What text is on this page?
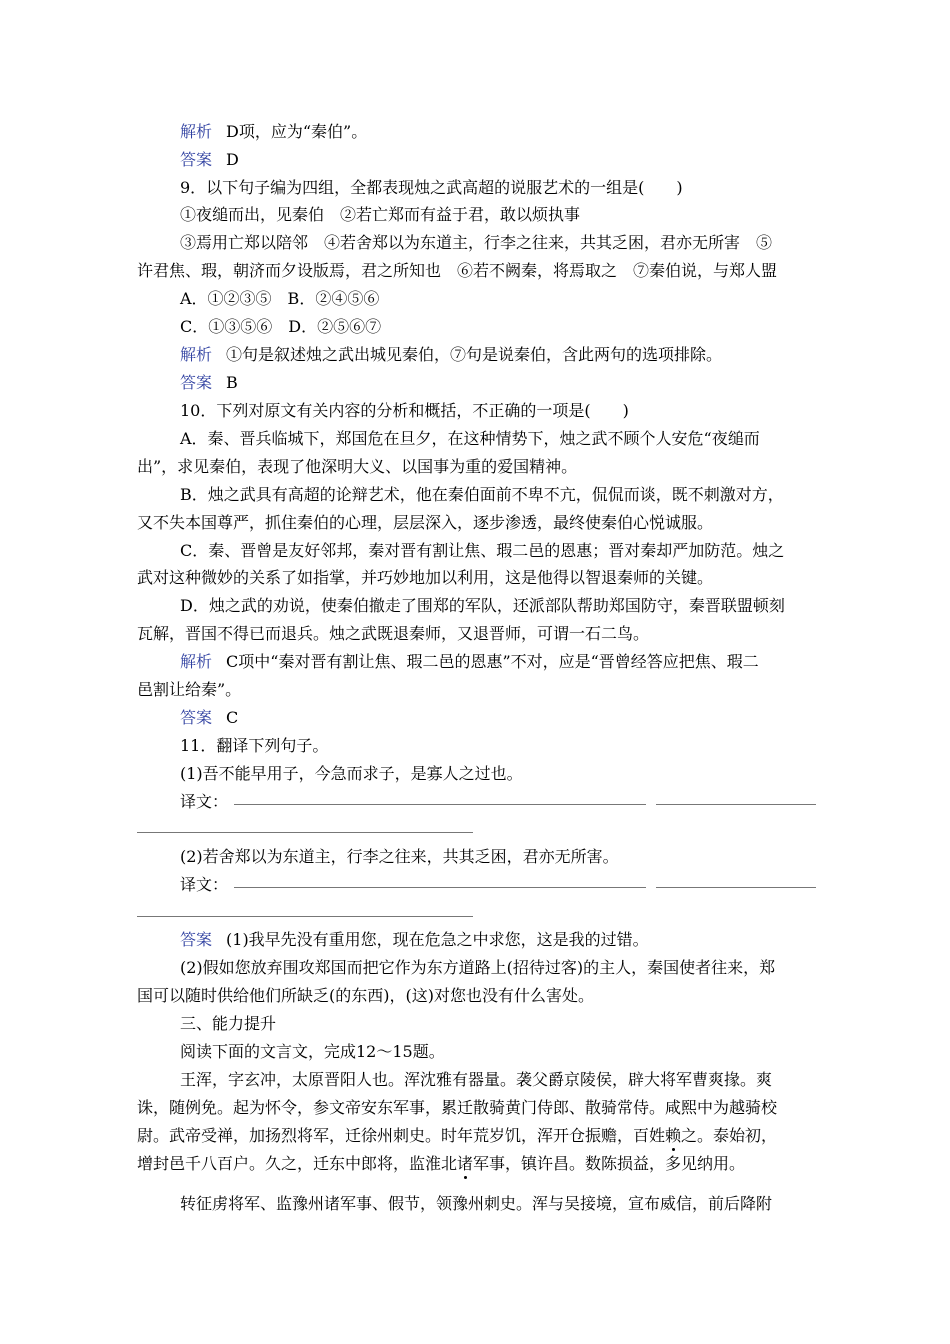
解析 D项，应为“秦伯”。
答案 D
9．以下句子编为四组，全都表现烛之武高超的说服艺术的一组是(　　)
①夜缒而出，见秦伯　②若亡郑而有益于君，敢以烦执事
③焉用亡郑以陪邻　④若舍郑以为东道主，行李之往来，共其乏困，君亦无所害　⑤
许君焦、瑕，朝济而夕设版焉，君之所知也　⑥若不阙秦，将焉取之　⑦秦伯说，与郑人盟
A．①②③⑤　B．②④⑤⑥
C．①③⑤⑥　D．②⑤⑥⑦
解析 ①句是叙述烛之武出城见秦伯，⑦句是说秦伯，含此两句的选项排除。
答案 B
10．下列对原文有关内容的分析和概括，不正确的一项是(　　)
A．秦、晋兵临城下，郑国危在旦夕，在这种情势下，烛之武不顾个人安危“夜缒而
出”，求见秦伯，表现了他深明大义、以国事为重的爱国精神。
B．烛之武具有高超的论辩艺术，他在秦伯面前不卑不亢，侃侃而谈，既不刺激对方，
又不失本国尊严，抓住秦伯的心理，层层深入，逐步渗透，最终使秦伯心悦诚服。
C．秦、晋曾是友好邻邦，秦对晋有割让焦、瑕二邑的恩惠；晋对秦却严加防范。烛之
武对这种微妙的关系了如指掌，并巧妙地加以利用，这是他得以智退秦师的关键。
D．烛之武的劝说，使秦伯撤走了围郑的军队，还派部队帮助郑国防守，秦晋联盟顿刻
瓦解，晋国不得已而退兵。烛之武既退秦师，又退晋师，可谓一石二鸟。
解析 C项中“秦对晋有割让焦、瑕二邑的恩惠”不对，应是“晋曾经答应把焦、瑕二
邑割让给秦”。
答案 C
11．翻译下列句子。
(1)吾不能早用子，今急而求子，是寡人之过也。
译文：
(2)若舍郑以为东道主，行李之往来，共其乏困，君亦无所害。
译文：
答案 (1)我早先没有重用您，现在危急之中求您，这是我的过错。
(2)假如您放弃围攻郑国而把它作为东方道路上(招待过客)的主人，秦国使者往来，郑
国可以随时供给他们所缺乏(的东西)，(这)对您也没有什么害处。
三、能力提升
阅读下面的文言文，完成12～15题。
王浑，字玄冲，太原晋阳人也。浑沈雅有器量。袭父爵京陵侯，辟大将军曹爽掾。爽
诛，随例免。起为怀令，参文帝安东军事，累迁散骑黄门侍郎、散骑常侍。咸熙中为越骑校
尉。武帝受禅，加扬烈将军，迁徐州刺史。时年荒岁饥，浑开仓振赡，百姓赖之。泰始初，
增封邑千八百户。久之，迁东中郎将，监淮北诸军事，镇许昌。数陈损益，多见纳用。
转征虏将军、监豫州诸军事、假节，领豫州刺史。浑与吴接境，宣布威信，前后降附
